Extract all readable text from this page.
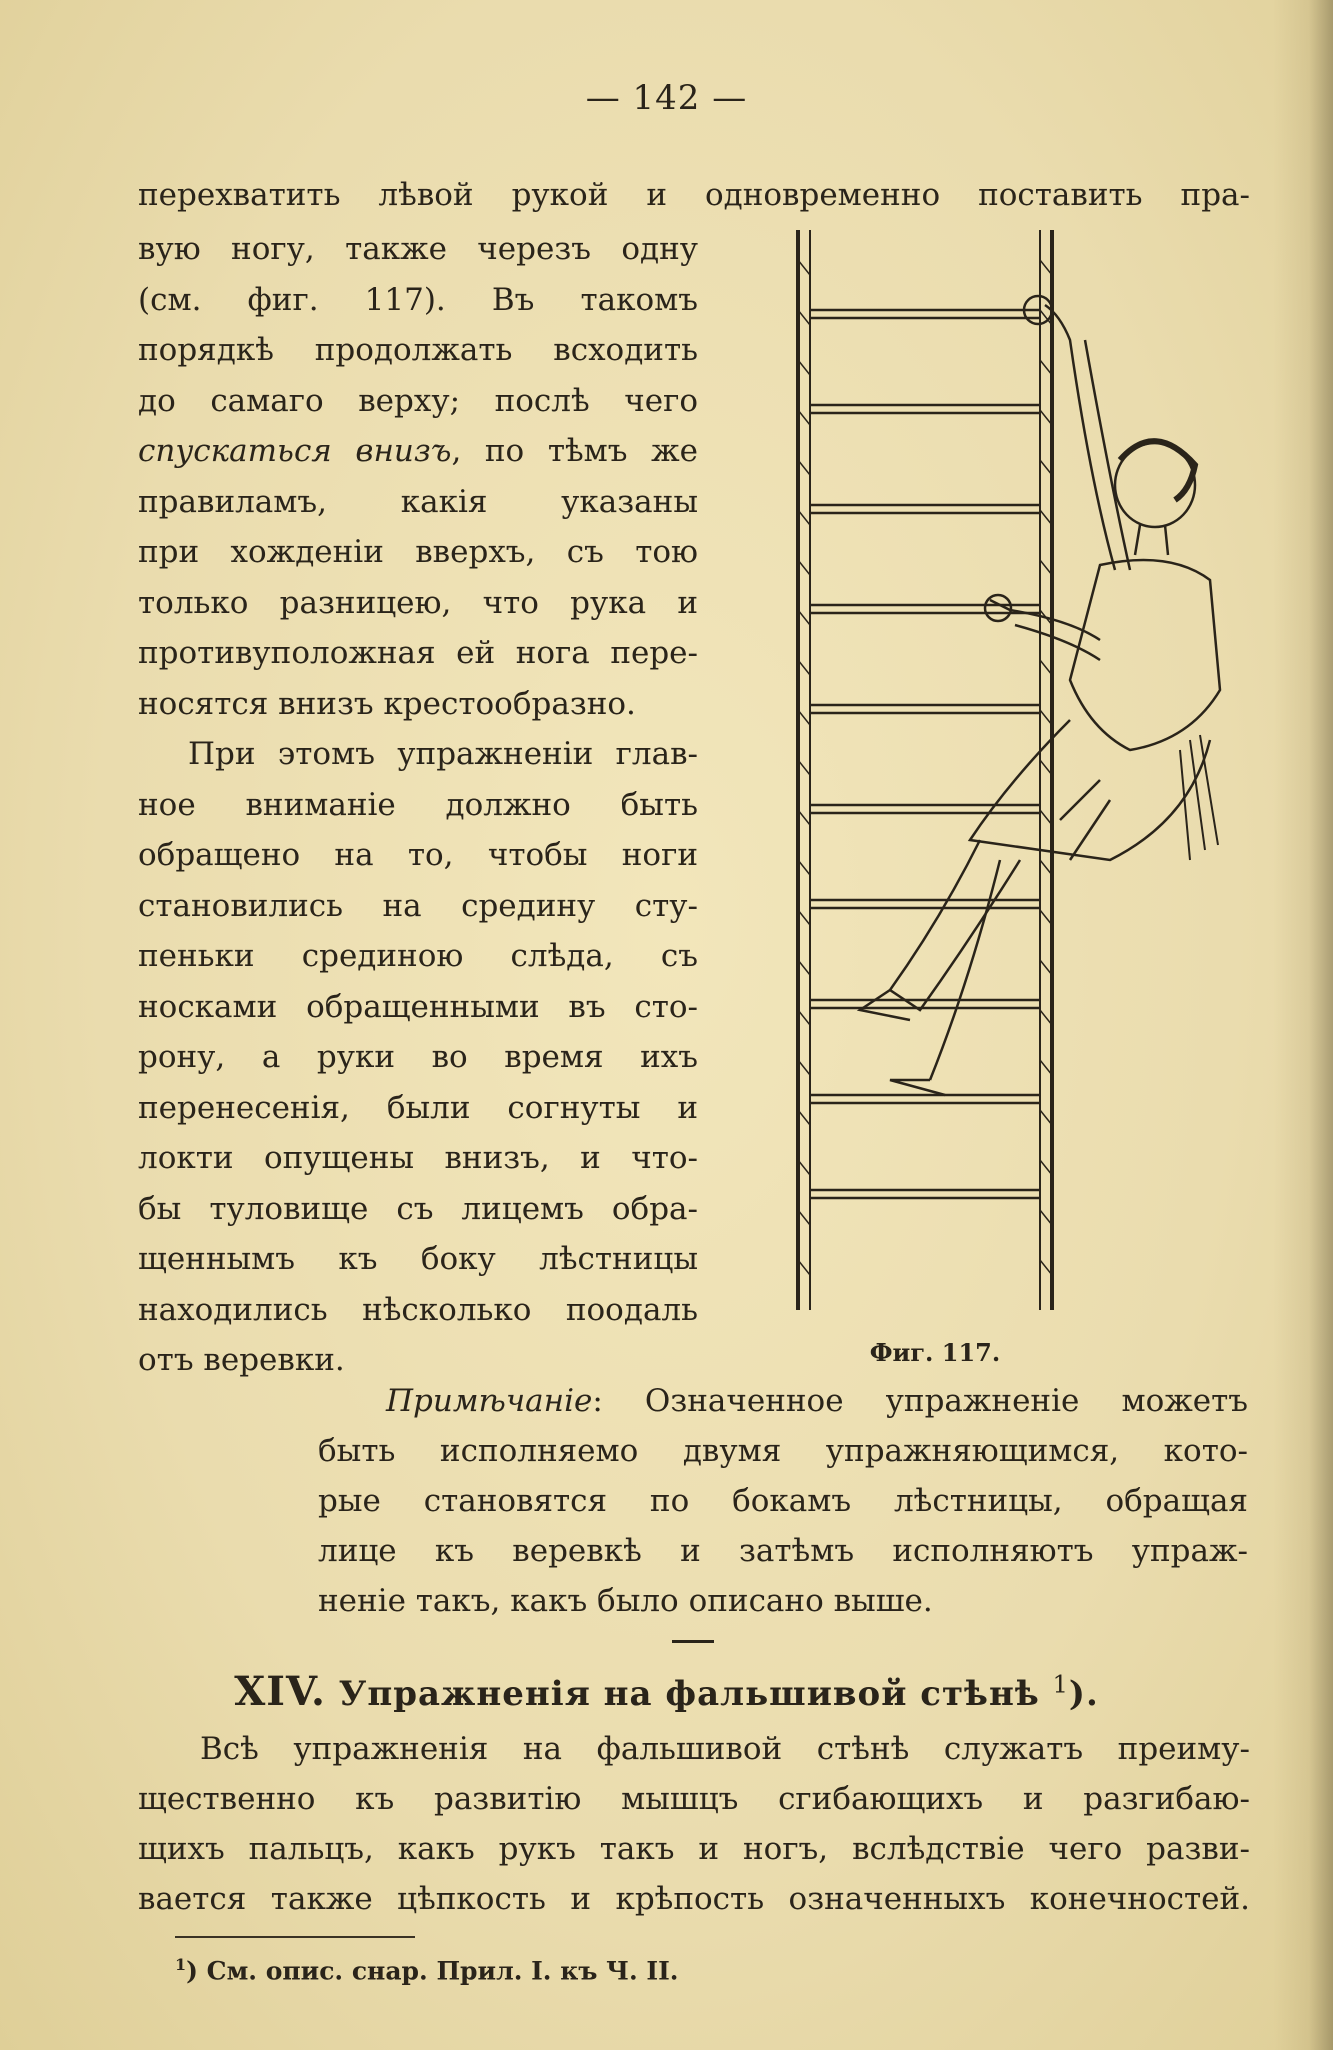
— 142 —
перехватить лѣвой рукой и одновременно поставить пра-
вую ногу, также черезъ одну
(см. фиг. 117). Въ такомъ
порядкѣ продолжать всходить
до самаго верху; послѣ чего
спускаться внизъ, по тѣмъ же
правиламъ, какія указаны
при хожденіи вверхъ, съ тою
только разницею, что рука и
противуположная ей нога пере-
носятся внизъ крестообразно.
При этомъ упражненіи глав-
ное вниманіе должно быть
обращено на то, чтобы ноги
становились на средину сту-
пеньки срединою слѣда, съ
носками обращенными въ сто-
рону, а руки во время ихъ
перенесенія, были согнуты и
локти опущены внизъ, и что-
бы туловище съ лицемъ обра-
щеннымъ къ боку лѣстницы
находились нѣсколько поодаль
отъ веревки.	Фиг. 117.
Примѣчаніе: Означенное упражненіе можетъ
быть исполняемо двумя упражняющимся, кото-
рые становятся по бокамъ лѣстницы, обращая
лице къ веревкѣ и затѣмъ исполняютъ упраж-
неніе такъ, какъ было описано выше.
XIV. Упражненія на фальшивой стѣнѣ $^1$).
Всѣ упражненія на фальшивой стѣнѣ служатъ преиму-
щественно къ развитію мышцъ сгибающихъ и разгибаю-
щихъ пальцъ, какъ рукъ такъ и ногъ, вслѣдствіе чего разви-
вается также цѣпкость и крѣпость означенныхъ конечностей.
$^1$) См. опис. снар. Прил. I. къ Ч. II.
